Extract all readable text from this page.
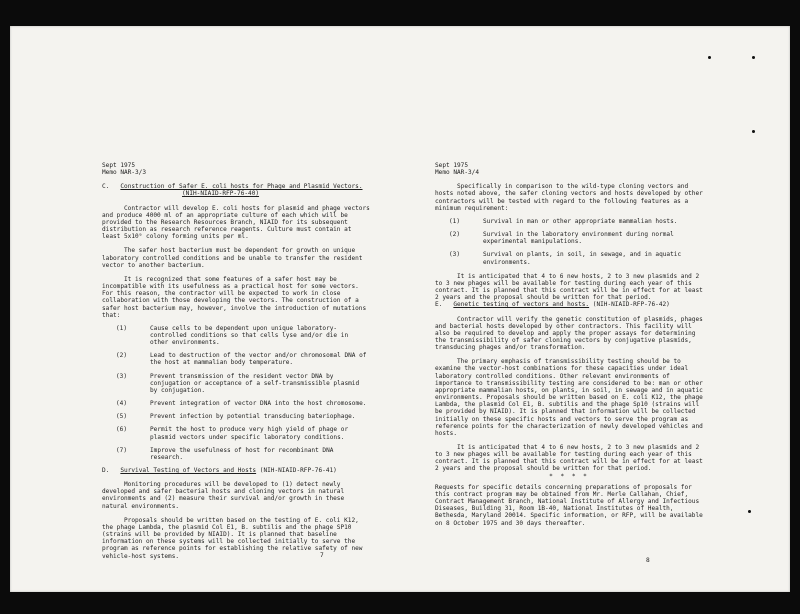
Sept 1975

Memo NAR-3/3

C. Construction of Safer E. coli hosts for Phage and Plasmid Vectors.

(NIH-NIAID-RFP-76-40)

Contractor will develop E. coli hosts for plasmid and phage vectors and produce 4000 ml of an appropriate culture of each which will be provided to the Research Resources Branch, NIAID for its subsequent distribution as research reference reagents. Culture must contain at least 5x10⁹ colony forming units per ml.

The safer host bacterium must be dependent for growth on unique laboratory controlled conditions and be unable to transfer the resident vector to another bacterium.

It is recognized that some features of a safer host may be incompatible with its usefulness as a practical host for some vectors. For this reason, the contractor will be expected to work in close collaboration with those developing the vectors. The construction of a safer host bacterium may, however, involve the introduction of mutations that:

(1)	Cause cells to be dependent upon unique laboratory-controlled conditions so that cells lyse and/or die in other environments.
(2)	Lead to destruction of the vector and/or chromosomal DNA of the host at mammalian body temperature.
(3)	Prevent transmission of the resident vector DNA by conjugation or acceptance of a self-transmissible plasmid by conjugation.
(4)	Prevent integration of vector DNA into the host chromosome.
(5)	Prevent infection by potential transducing bateriophage.
(6)	Permit the host to produce very high yield of phage or plasmid vectors under specific laboratory conditions.
(7)	Improve the usefulness of host for recombinant DNA research.

D. Survival Testing of Vectors and Hosts (NIH-NIAID-RFP-76-41)

Monitoring procedures will be developed to (1) detect newly developed and safer bacterial hosts and cloning vectors in natural environments and (2) measure their survival and/or growth in these natural environments.

Proposals should be written based on the testing of E. coli K12, the phage Lambda, the plasmid Col E1, B. subtilis and the phage SP10 (strains will be provided by NIAID). It is planned that baseline information on these systems will be collected initially to serve the program as reference points for establishing the relative safety of new vehicle-host systems.	7

Sept 1975

Memo NAR-3/4

Specifically in comparison to the wild-type cloning vectors and hosts noted above, the safer cloning vectors and hosts developed by other contractors will be tested with regard to the following features as a minimum requirement:

(1)	Survival in man or other appropriate mammalian hosts.
(2)	Survival in the laboratory environment during normal experimental manipulations.
(3)	Survival on plants, in soil, in sewage, and in aquatic environments.

It is anticipated that 4 to 6 new hosts, 2 to 3 new plasmids and 2 to 3 new phages will be available for testing during each year of this contract. It is planned that this contract will be in effect for at least 2 years and the proposal should be written for that period.

E. Genetic testing of vectors and hosts. (NIH-NIAID-RFP-76-42)

Contractor will verify the genetic constitution of plasmids, phages and bacterial hosts developed by other contractors. This facility will also be required to develop and apply the proper assays for determining the transmissibility of safer cloning vectors by conjugative plasmids, transducing phages and/or transformation.

The primary emphasis of transmissibility testing should be to examine the vector-host combinations for these capacities under ideal laboratory controlled conditions. Other relevant environments of importance to transmissibility testing are considered to be: man or other appropriate mammalian hosts, on plants, in soil, in sewage and in aquatic environments. Proposals should be written based on E. coli K12, the phage Lambda, the plasmid Col E1, B. subtilis and the phage Sp10 (strains will be provided by NIAID). It is planned that information will be collected initially on these specific hosts and vectors to serve the program as reference points for the characterization of newly developed vehicles and hosts.

It is anticipated that 4 to 6 new hosts, 2 to 3 new plasmids and 2 to 3 new phages will be available for testing during each year of this contract. It is planned that this contract will be in effect for at least 2 years and the proposal should be written for that period.

* * * *

Requests for specific details concerning preparations of proposals for this contract program may be obtained from Mr. Merle Callahan, Chief, Contract Management Branch, National Institute of Allergy and Infectious Diseases, Building 31, Room 1B-40, National Institutes of Health, Bethesda, Maryland 20014. Specific information, or RFP, will be available on 8 October 1975 and 30 days thereafter.

8
